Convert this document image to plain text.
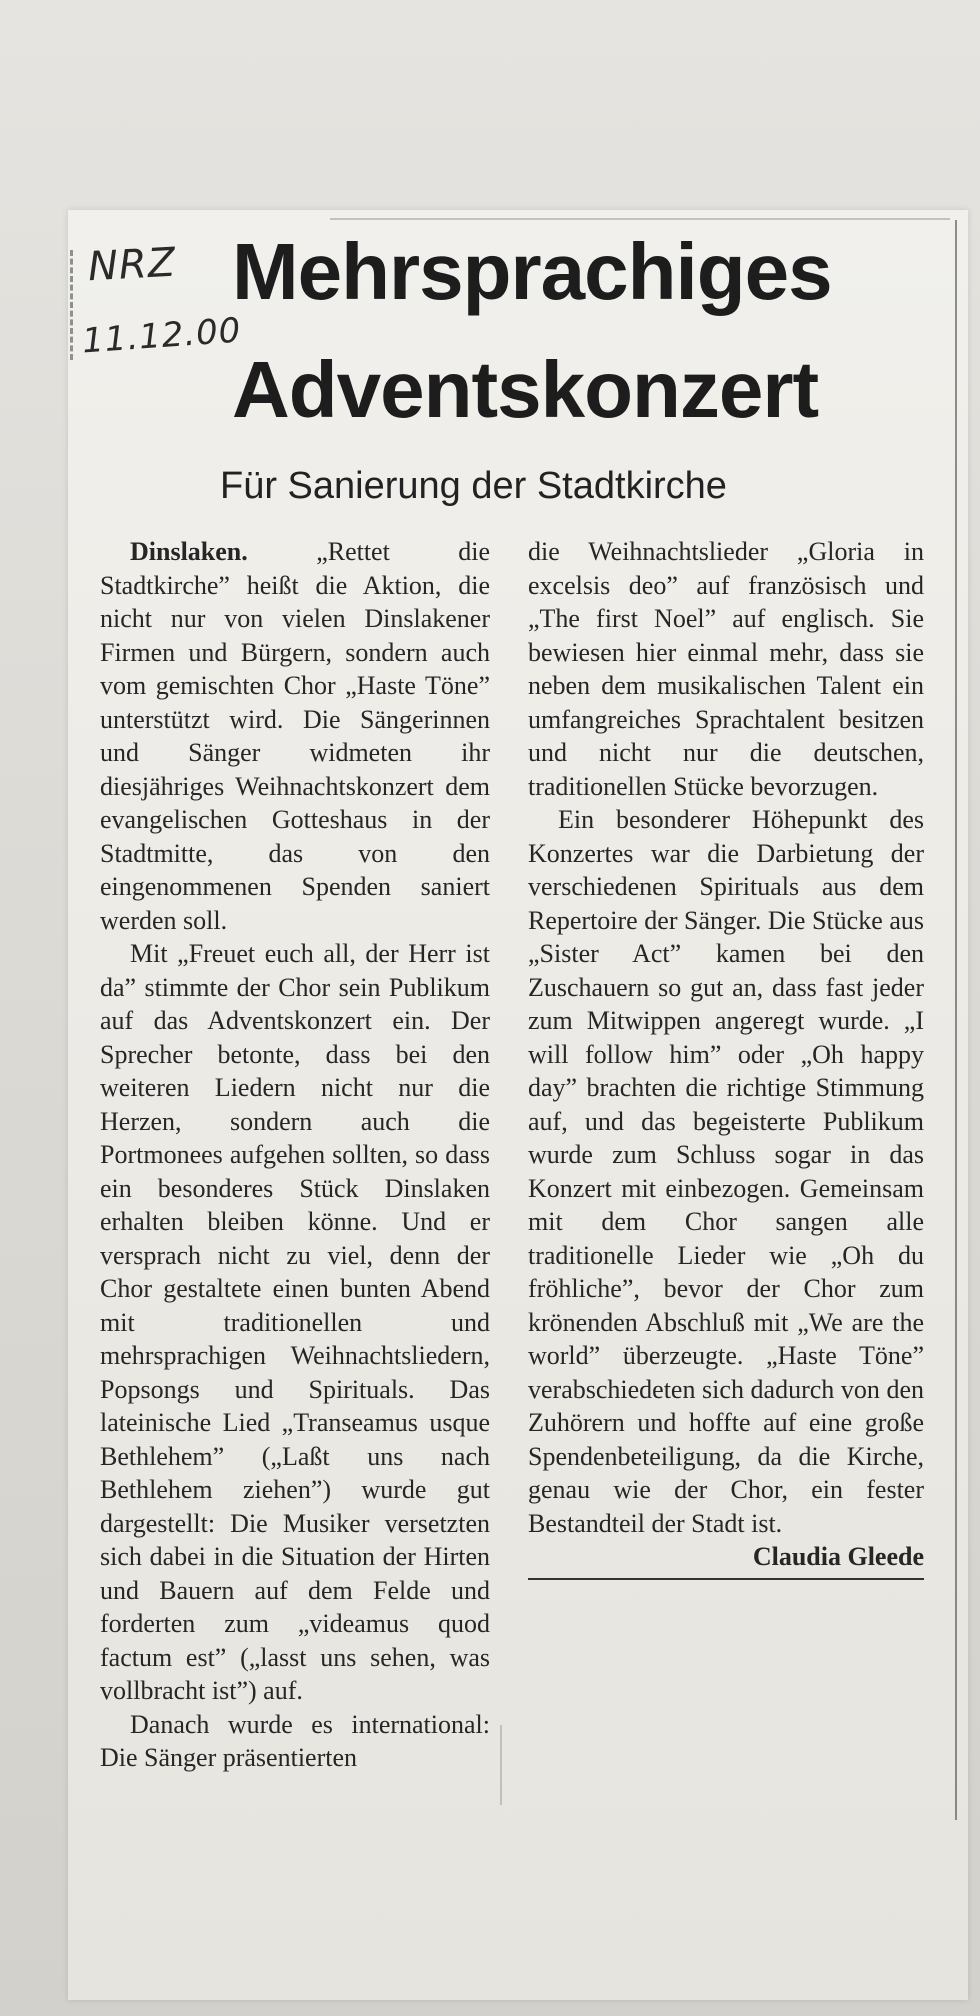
NRZ
11.12.00
Mehrsprachiges
Adventskonzert
Für Sanierung der Stadtkirche

Dinslaken.	„Rettet die Stadtkirche” heißt die Aktion, die nicht nur von vielen Dinslakener Firmen und Bürgern, sondern auch vom gemischten Chor „Haste Töne” unterstützt wird. Die Sängerinnen und Sänger widmeten ihr diesjähriges Weihnachtskonzert dem evangelischen Gotteshaus in der Stadtmitte, das von den eingenommenen Spenden saniert werden soll.

Mit „Freuet euch all, der Herr ist da” stimmte der Chor sein Publikum auf das Adventskonzert ein. Der Sprecher betonte, dass bei den weiteren Liedern nicht nur die Herzen, sondern auch die Portmonees aufgehen sollten, so dass ein besonderes Stück Dinslaken erhalten bleiben könne. Und er versprach nicht zu viel, denn der Chor gestaltete einen bunten Abend mit traditionellen und mehrsprachigen Weihnachtsliedern, Popsongs und Spirituals. Das lateinische Lied „Transeamus usque Bethlehem” („Laßt uns nach Bethlehem ziehen”) wurde gut dargestellt: Die Musiker versetzten sich dabei in die Situation der Hirten und Bauern auf dem Felde und forderten zum „videamus quod factum est” („lasst uns sehen, was vollbracht ist”) auf.

Danach wurde es international: Die Sänger präsentierten

die Weihnachtslieder „Gloria in excelsis deo” auf französisch und „The first Noel” auf englisch. Sie bewiesen hier einmal mehr, dass sie neben dem musikalischen Talent ein umfangreiches Sprachtalent besitzen und nicht nur die deutschen, traditionellen Stücke bevorzugen.

Ein besonderer Höhepunkt des Konzertes war die Darbietung der verschiedenen Spirituals aus dem Repertoire der Sänger. Die Stücke aus „Sister Act” kamen bei den Zuschauern so gut an, dass fast jeder zum Mitwippen angeregt wurde. „I will follow him” oder „Oh happy day” brachten die richtige Stimmung auf, und das begeisterte Publikum wurde zum Schluss sogar in das Konzert mit einbezogen. Gemeinsam mit dem Chor sangen alle traditionelle Lieder wie „Oh du fröhliche”, bevor der Chor zum krönenden Abschluß mit „We are the world” überzeugte. „Haste Töne” verabschiedeten sich dadurch von den Zuhörern und hoffte auf eine große Spendenbeteiligung, da die Kirche, genau wie der Chor, ein fester Bestandteil der Stadt ist.

Claudia Gleede
